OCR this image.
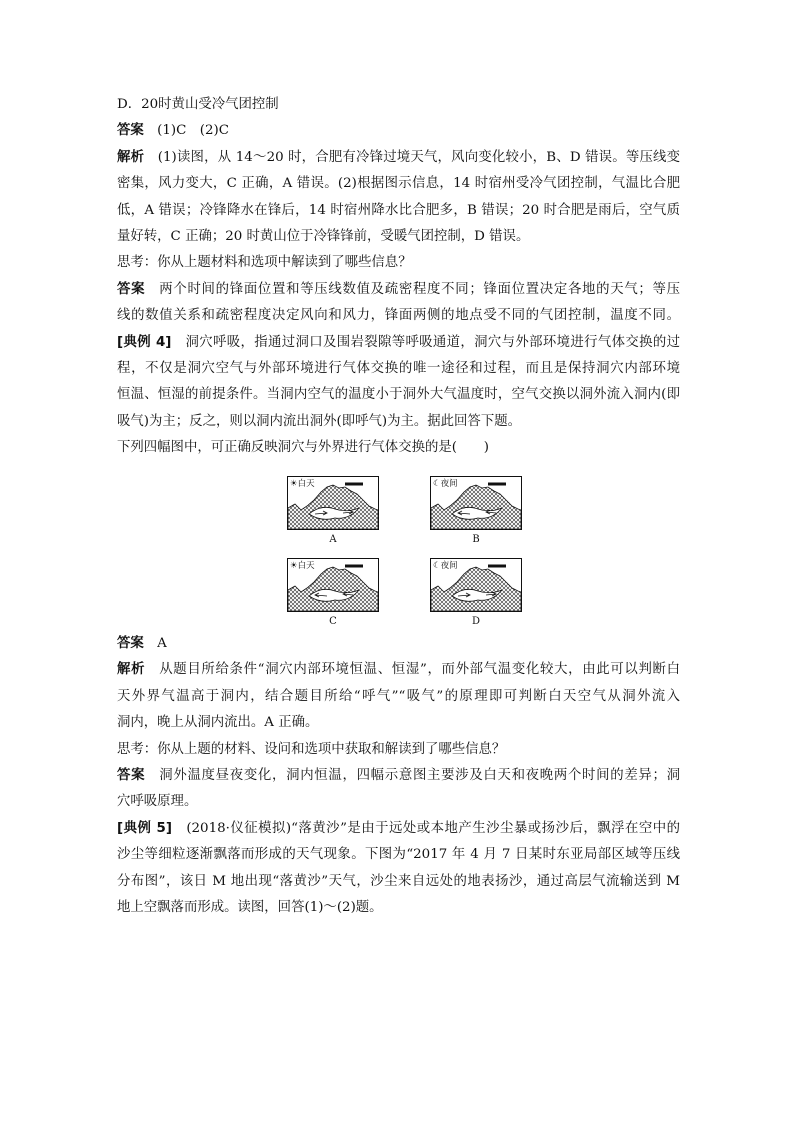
D．20时黄山受冷气团控制
答案　(1)C　(2)C
解析　(1)读图，从 14～20 时，合肥有冷锋过境天气，风向变化较小，B、D 错误。等压线变
密集，风力变大，C 正确，A 错误。(2)根据图示信息，14 时宿州受冷气团控制，气温比合肥
低，A 错误；冷锋降水在锋后，14 时宿州降水比合肥多，B 错误；20 时合肥是雨后，空气质
量好转，C 正确；20 时黄山位于冷锋锋前，受暖气团控制，D 错误。
思考：你从上题材料和选项中解读到了哪些信息？
答案　两个时间的锋面位置和等压线数值及疏密程度不同；锋面位置决定各地的天气；等压
线的数值关系和疏密程度决定风向和风力，锋面两侧的地点受不同的气团控制，温度不同。
[典例 4]　洞穴呼吸，指通过洞口及围岩裂隙等呼吸通道，洞穴与外部环境进行气体交换的过
程，不仅是洞穴空气与外部环境进行气体交换的唯一途径和过程，而且是保持洞穴内部环境
恒温、恒湿的前提条件。当洞内空气的温度小于洞外大气温度时，空气交换以洞外流入洞内(即
吸气)为主；反之，则以洞内流出洞外(即呼气)为主。据此回答下题。
下列四幅图中，可正确反映洞穴与外界进行气体交换的是(　　)
☀白天
A
☾夜间
B
☀白天
C
☾夜间
D
答案　A
解析　从题目所给条件“洞穴内部环境恒温、恒湿”，而外部气温变化较大，由此可以判断白
天外界气温高于洞内，结合题目所给“呼气”“吸气”的原理即可判断白天空气从洞外流入
洞内，晚上从洞内流出。A 正确。
思考：你从上题的材料、设问和选项中获取和解读到了哪些信息？
答案　洞外温度昼夜变化，洞内恒温，四幅示意图主要涉及白天和夜晚两个时间的差异；洞
穴呼吸原理。
[典例 5]　(2018·仪征模拟)“落黄沙”是由于远处或本地产生沙尘暴或扬沙后，飘浮在空中的
沙尘等细粒逐渐飘落而形成的天气现象。下图为“2017 年 4 月 7 日某时东亚局部区域等压线
分布图”，该日 M 地出现“落黄沙”天气，沙尘来自远处的地表扬沙，通过高层气流输送到 M
地上空飘落而形成。读图，回答(1)～(2)题。
